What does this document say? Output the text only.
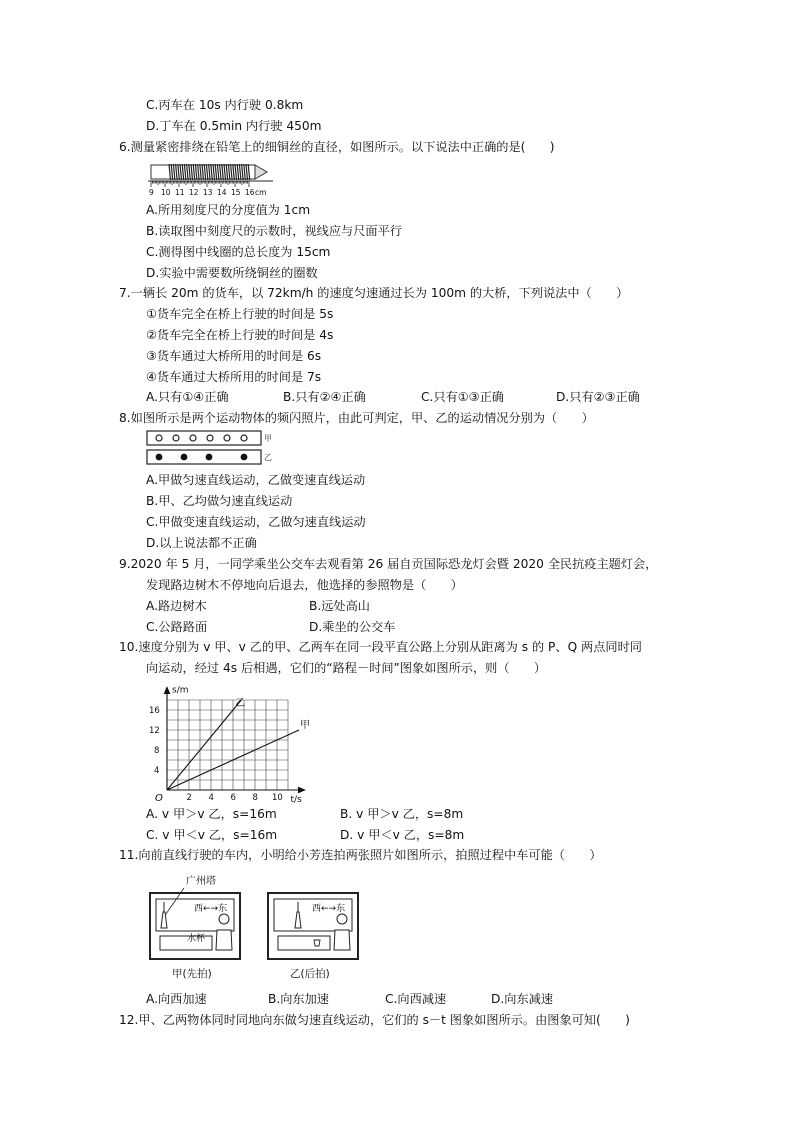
C.丙车在 10s 内行驶 0.8km
D.丁车在 0.5min 内行驶 450m
6.测量紧密排绕在铅笔上的细铜丝的直径，如图所示。以下说法中正确的是(　　)
9 10 11 12 13 14 15 16 cm
A.所用刻度尺的分度值为 1cm
B.读取图中刻度尺的示数时，视线应与尺面平行
C.测得图中线圈的总长度为 15cm
D.实验中需要数所绕铜丝的圈数
7.一辆长 20m 的货车，以 72km/h 的速度匀速通过长为 100m 的大桥，下列说法中（　　）
①货车完全在桥上行驶的时间是 5s
②货车完全在桥上行驶的时间是 4s
③货车通过大桥所用的时间是 6s
④货车通过大桥所用的时间是 7s
A.只有①④正确	B.只有②④正确	C.只有①③正确	D.只有②③正确
8.如图所示是两个运动物体的频闪照片，由此可判定，甲、乙的运动情况分别为（　　）
甲
乙
A.甲做匀速直线运动，乙做变速直线运动
B.甲、乙均做匀速直线运动
C.甲做变速直线运动，乙做匀速直线运动
D.以上说法都不正确
9.2020 年 5 月，一同学乘坐公交车去观看第 26 届自贡国际恐龙灯会暨 2020 全民抗疫主题灯会，
发现路边树木不停地向后退去，他选择的参照物是（　　）
A.路边树木	B.远处高山
C.公路路面	D.乘坐的公交车
10.速度分别为 v 甲、v 乙的甲、乙两车在同一段平直公路上分别从距离为 s 的 P、Q 两点同时同
向运动，经过 4s 后相遇，它们的“路程－时间”图象如图所示，则（　　）
2 4 6 8 10
4
8
12
16
乙
甲
O
s/m
t/s
A. v 甲＞v 乙，s=16m	B. v 甲＞v 乙，s=8m
C. v 甲＜v 乙，s=16m	D. v 甲＜v 乙，s=8m
11.向前直线行驶的车内，小明给小芳连拍两张照片如图所示，拍照过程中车可能（　　）
水杯
西←→东	西←→东
广州塔
甲(先拍)	乙(后拍)
A.向西加速	B.向东加速	C.向西减速	D.向东减速
12.甲、乙两物体同时同地向东做匀速直线运动，它们的 s－t 图象如图所示。由图象可知(　　)
